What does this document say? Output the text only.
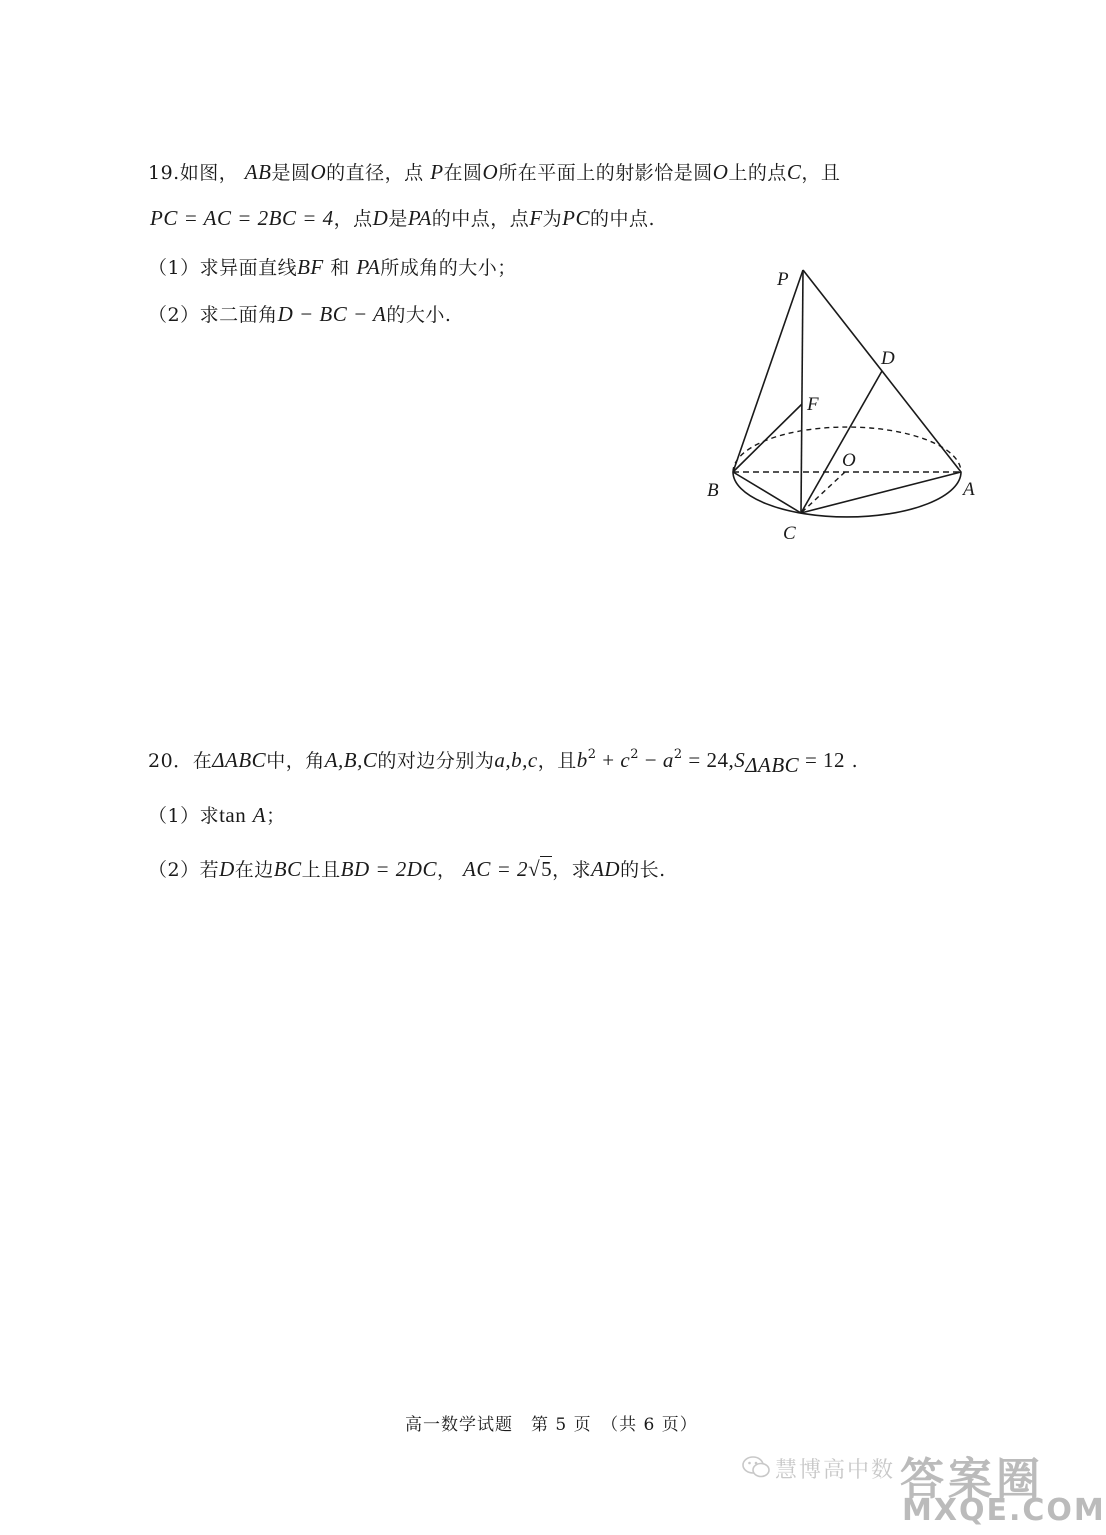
19.如图， AB是圆O的直径，点 P在圆O所在平面上的射影恰是圆O上的点C，且
PC = AC = 2BC = 4，点D是PA的中点，点F为PC的中点.
（1）求异面直线BF 和 PA所成角的大小；
（2）求二面角D − BC − A的大小.
P
D
F
O
B	A
C
20．在ΔABC中，角A,B,C的对边分别为a,b,c，且$b^2 + c^2 - a^2 = 24,S_{\Delta ABC} = 12$ .
（1）求tan A；
（2）若D在边BC上且BD = 2DC， AC = 2√5，求AD的长.
高一数学试题　第 5 页　（共 6 页）
慧博高中数 答案圈
MXQE.COM
